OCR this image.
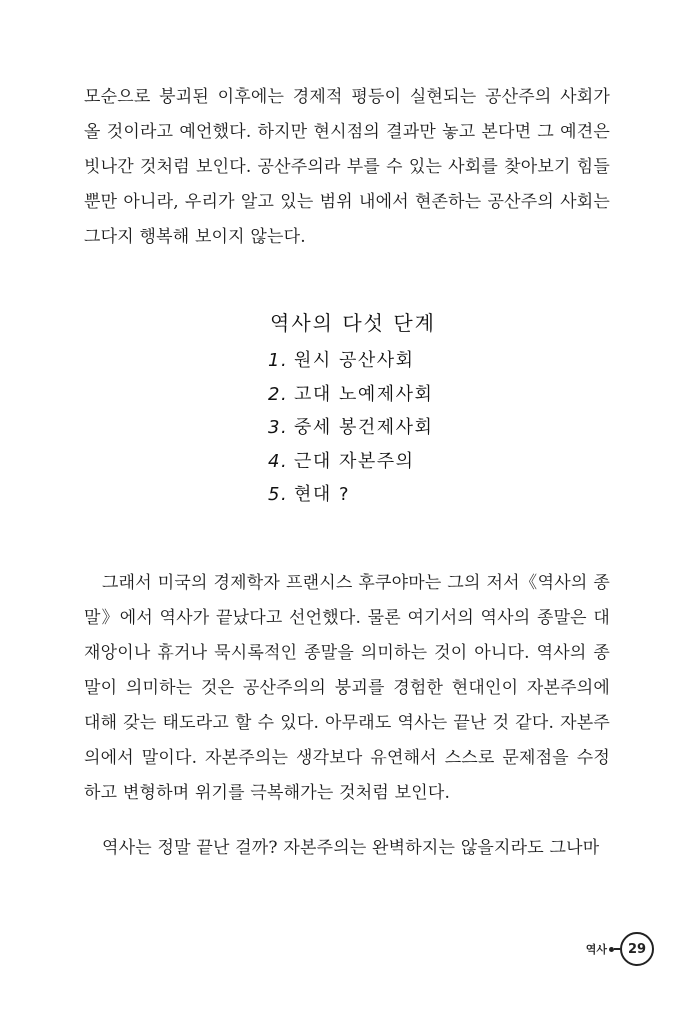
모순으로 붕괴된 이후에는 경제적 평등이 실현되는 공산주의 사회가 올 것이라고 예언했다. 하지만 현시점의 결과만 놓고 본다면 그 예견은 빗나간 것처럼 보인다. 공산주의라 부를 수 있는 사회를 찾아보기 힘들 뿐만 아니라, 우리가 알고 있는 범위 내에서 현존하는 공산주의 사회는 그다지 행복해 보이지 않는다.

역사의 다섯 단계
1. 원시 공산사회
2. 고대 노예제사회
3. 중세 봉건제사회
4. 근대 자본주의
5. 현대 ?

그래서 미국의 경제학자 프랜시스 후쿠야마는 그의 저서《역사의 종말》에서 역사가 끝났다고 선언했다. 물론 여기서의 역사의 종말은 대재앙이나 휴거나 묵시록적인 종말을 의미하는 것이 아니다. 역사의 종말이 의미하는 것은 공산주의의 붕괴를 경험한 현대인이 자본주의에 대해 갖는 태도라고 할 수 있다. 아무래도 역사는 끝난 것 같다. 자본주의에서 말이다. 자본주의는 생각보다 유연해서 스스로 문제점을 수정하고 변형하며 위기를 극복해가는 것처럼 보인다.

역사는 정말 끝난 걸까? 자본주의는 완벽하지는 않을지라도 그나마

역사	29
